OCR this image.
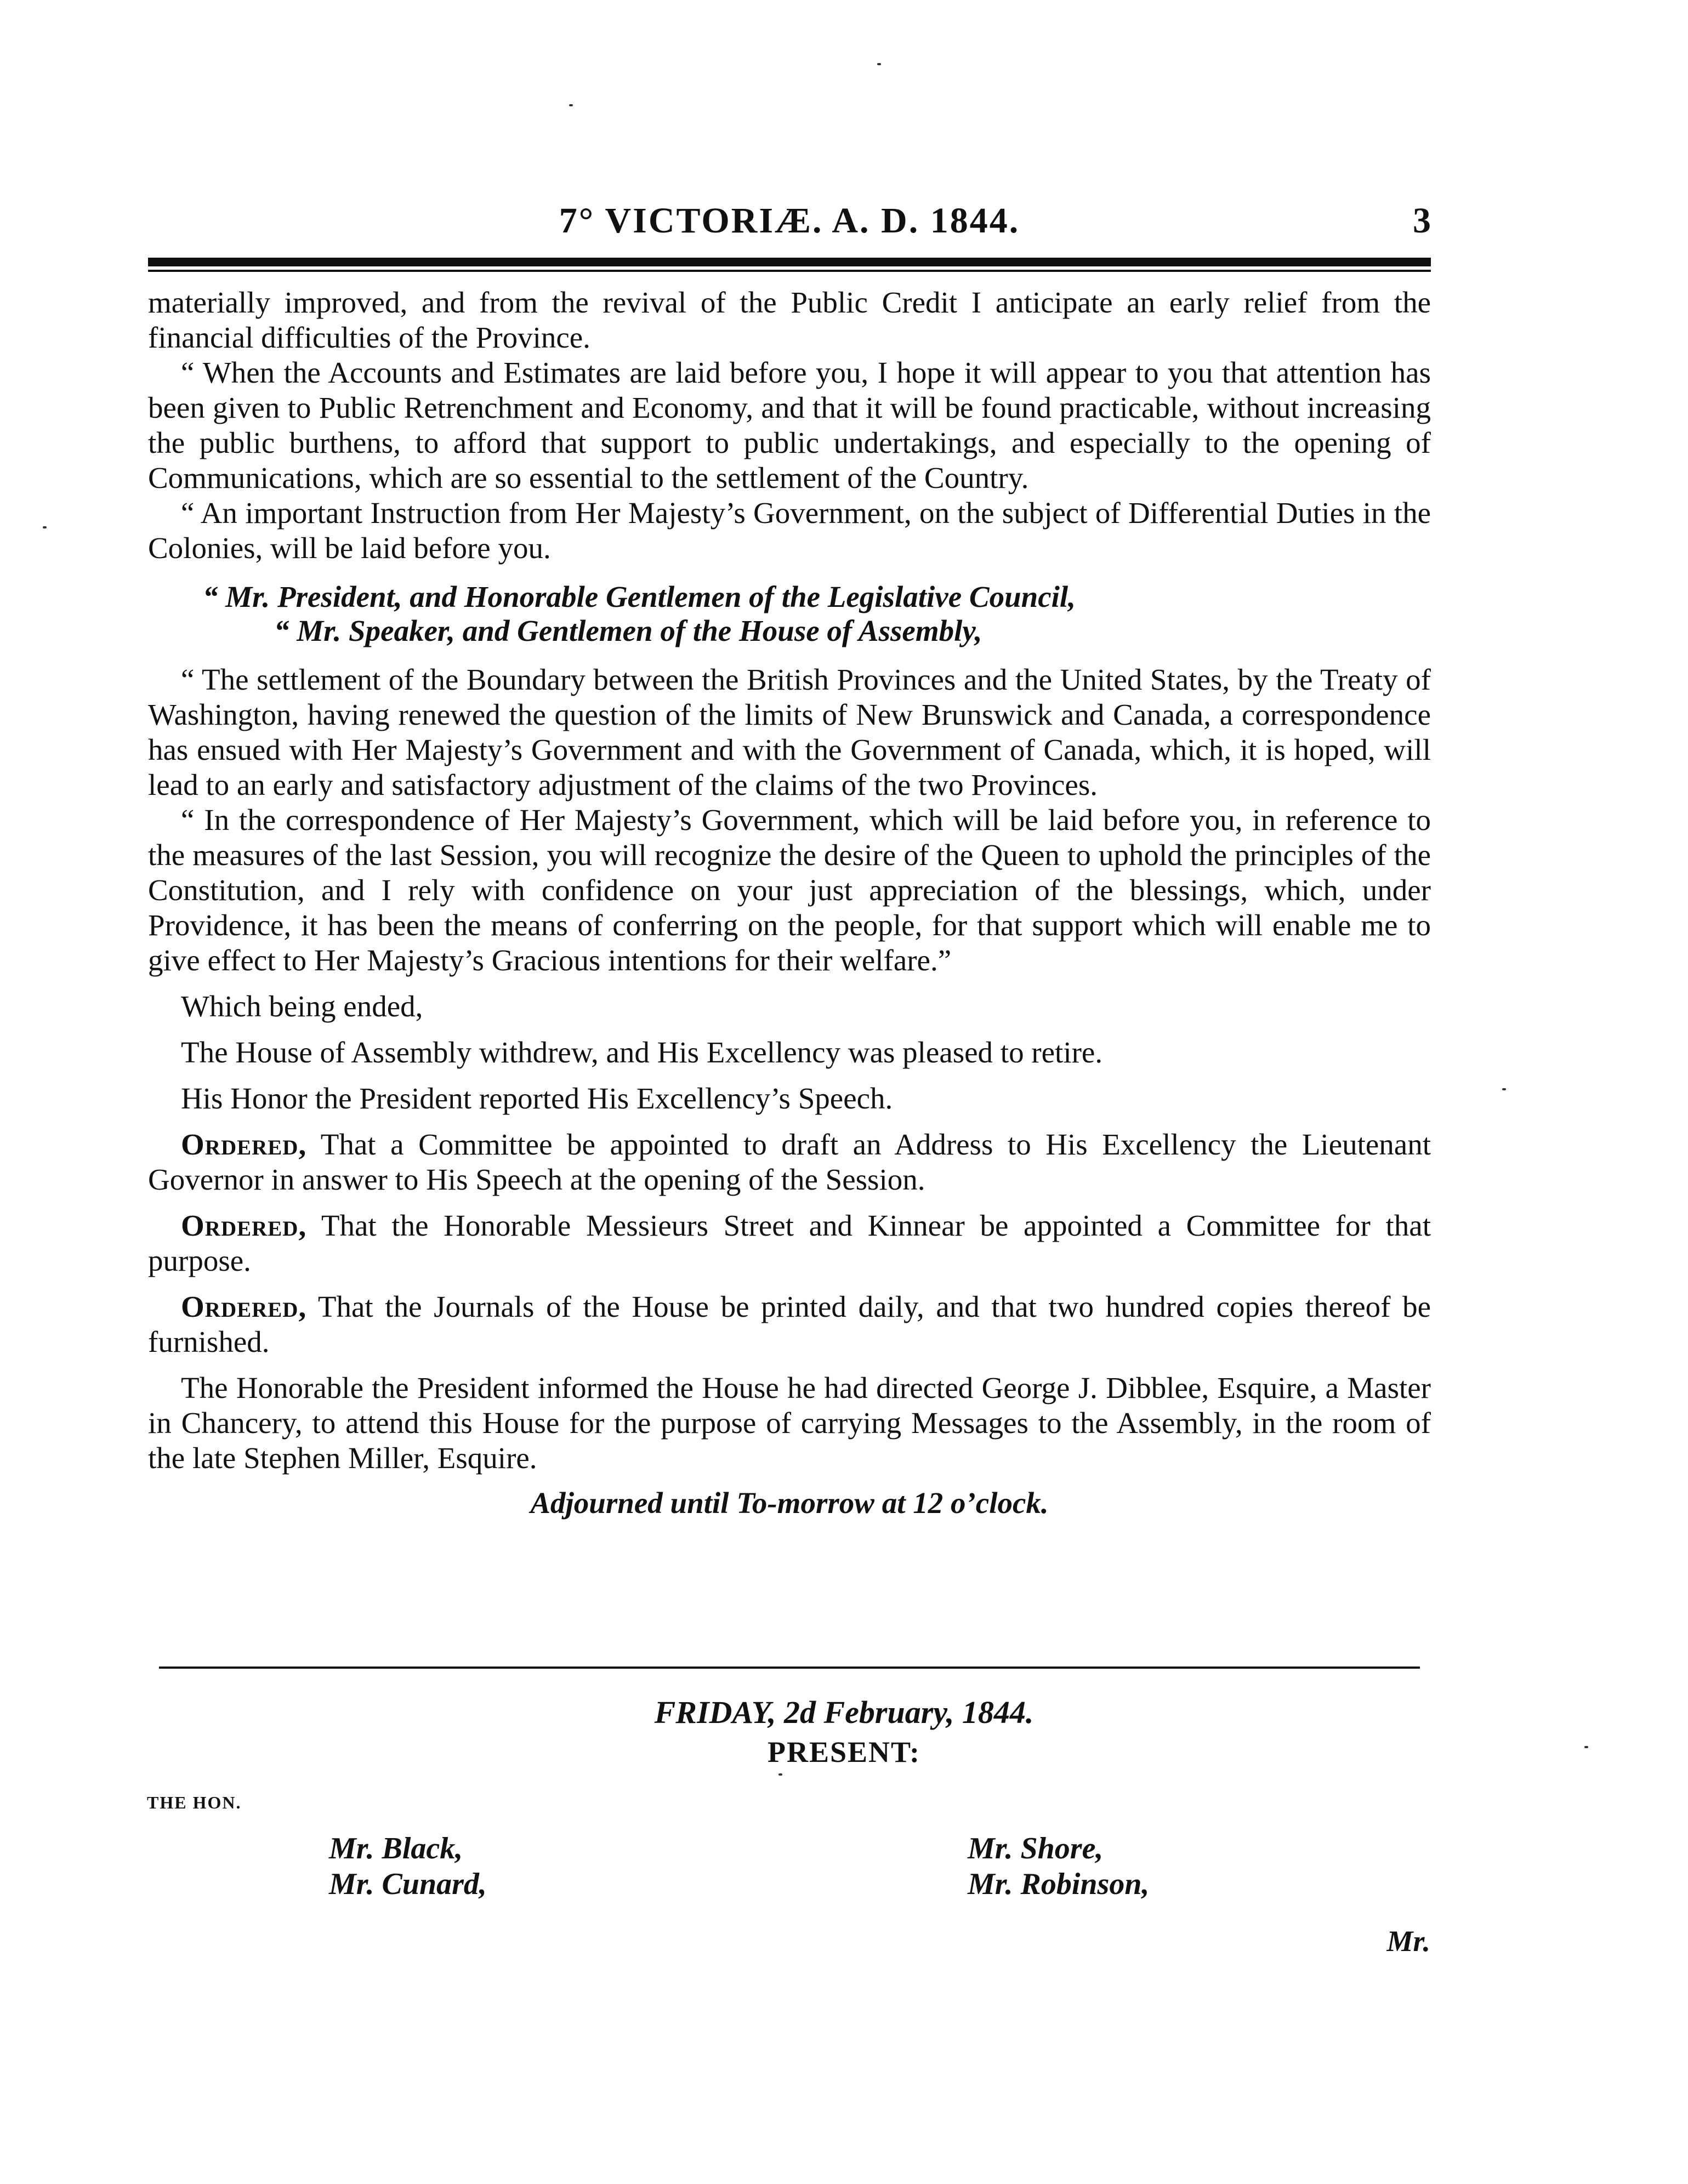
7° VICTORIÆ. A. D. 1844.	3

materially improved, and from the revival of the Public Credit I anticipate an early relief from the financial difficulties of the Province.

“ When the Accounts and Estimates are laid before you, I hope it will appear to you that attention has been given to Public Retrenchment and Economy, and that it will be found practicable, without increasing the public burthens, to afford that support to public undertakings, and especially to the opening of Communications, which are so essential to the settlement of the Country.

“ An important Instruction from Her Majesty’s Government, on the subject of Differential Duties in the Colonies, will be laid before you.

“ Mr. President, and Honorable Gentlemen of the Legislative Council,
“ Mr. Speaker, and Gentlemen of the House of Assembly,

“ The settlement of the Boundary between the British Provinces and the United States, by the Treaty of Washington, having renewed the question of the limits of New Brunswick and Canada, a correspondence has ensued with Her Majesty’s Government and with the Government of Canada, which, it is hoped, will lead to an early and satisfactory adjustment of the claims of the two Provinces.

“ In the correspondence of Her Majesty’s Government, which will be laid before you, in reference to the measures of the last Session, you will recognize the desire of the Queen to uphold the principles of the Constitution, and I rely with confidence on your just appreciation of the blessings, which, under Providence, it has been the means of conferring on the people, for that support which will enable me to give effect to Her Majesty’s Gracious intentions for their welfare.”

Which being ended,

The House of Assembly withdrew, and His Excellency was pleased to retire.

His Honor the President reported His Excellency’s Speech.

Ordered, That a Committee be appointed to draft an Address to His Excellency the Lieutenant Governor in answer to His Speech at the opening of the Session.

Ordered, That the Honorable Messieurs Street and Kinnear be appointed a Committee for that purpose.

Ordered, That the Journals of the House be printed daily, and that two hundred copies thereof be furnished.

The Honorable the President informed the House he had directed George J. Dibblee, Esquire, a Master in Chancery, to attend this House for the purpose of carrying Messages to the Assembly, in the room of the late Stephen Miller, Esquire.

Adjourned until To-morrow at 12 o’clock.

FRIDAY, 2d February, 1844.
PRESENT:
THE HON.
Mr. Black,
Mr. Cunard,
Mr. Shore,
Mr. Robinson,
Mr.
